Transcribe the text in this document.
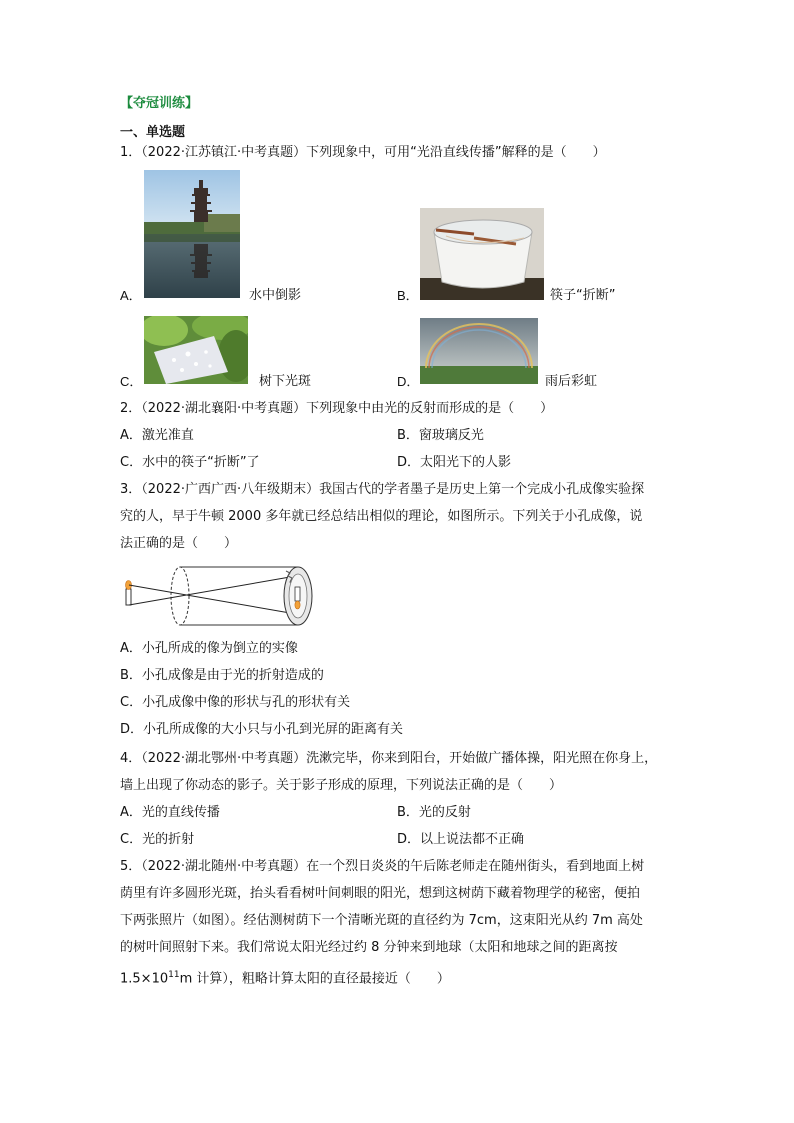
【夺冠训练】
一、单选题
1．（2022·江苏镇江·中考真题）下列现象中，可用“光沿直线传播”解释的是（　　）
A．	水中倒影	B．	筷子“折断”
C．	树下光斑	D．	雨后彩虹
2．（2022·湖北襄阳·中考真题）下列现象中由光的反射而形成的是（　　）
A．激光准直	B．窗玻璃反光
C．水中的筷子“折断”了	D．太阳光下的人影
3．（2022·广西广西·八年级期末）我国古代的学者墨子是历史上第一个完成小孔成像实验探
究的人，早于牛顿 2000 多年就已经总结出相似的理论，如图所示。下列关于小孔成像，说
法正确的是（　　）
A．小孔所成的像为倒立的实像
B．小孔成像是由于光的折射造成的
C．小孔成像中像的形状与孔的形状有关
D．小孔所成像的大小只与小孔到光屏的距离有关
4．（2022·湖北鄂州·中考真题）洗漱完毕，你来到阳台，开始做广播体操，阳光照在你身上，
墙上出现了你动态的影子。关于影子形成的原理，下列说法正确的是（　　）
A．光的直线传播	B．光的反射
C．光的折射	D．以上说法都不正确
5．（2022·湖北随州·中考真题）在一个烈日炎炎的午后陈老师走在随州街头，看到地面上树
荫里有许多圆形光斑，抬头看看树叶间刺眼的阳光，想到这树荫下藏着物理学的秘密，便拍
下两张照片（如图）。经估测树荫下一个清晰光斑的直径约为 7cm，这束阳光从约 7m 高处
的树叶间照射下来。我们常说太阳光经过约 8 分钟来到地球（太阳和地球之间的距离按
$1.5\times 10^{11}m$ 计算），粗略计算太阳的直径最接近（　　）
